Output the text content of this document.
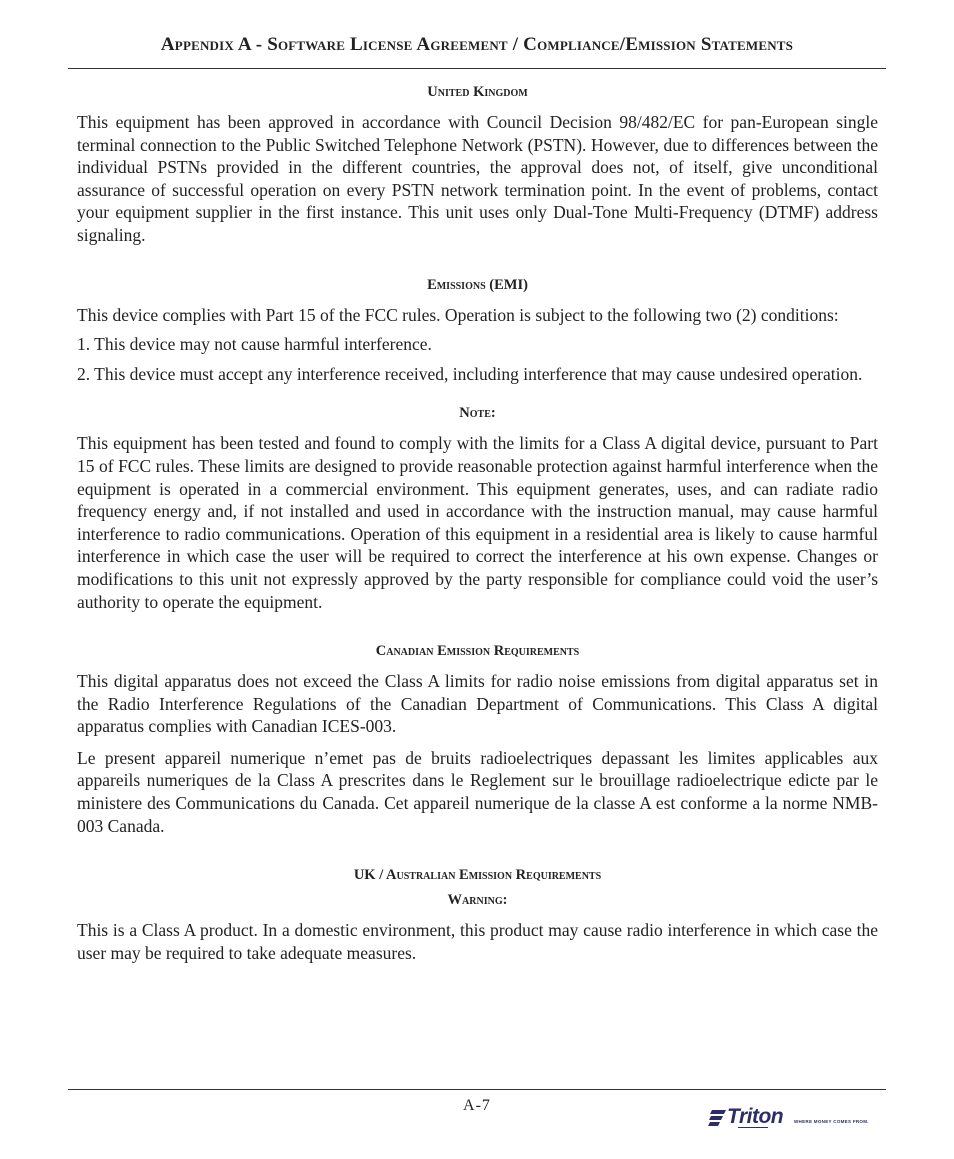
Appendix A - Software License Agreement / Compliance/Emission Statements

United Kingdom

This equipment has been approved in accordance with Council Decision 98/482/EC for pan-European single terminal connection to the Public Switched Telephone Network (PSTN). However, due to differences between the individual PSTNs provided in the different countries, the approval does not, of itself, give unconditional assurance of successful operation on every PSTN network termination point. In the event of problems, contact your equipment supplier in the first instance. This unit uses only Dual-Tone Multi-Frequency (DTMF) address signaling.

Emissions (EMI)

This device complies with Part 15 of the FCC rules. Operation is subject to the following two (2) conditions:

1. This device may not cause harmful interference.

2. This device must accept any interference received, including interference that may cause undesired operation.

Note:

This equipment has been tested and found to comply with the limits for a Class A digital device, pursuant to Part 15 of FCC rules. These limits are designed to provide reasonable protection against harmful interference when the equipment is operated in a commercial environment. This equipment generates, uses, and can radiate radio frequency energy and, if not installed and used in accordance with the instruction manual, may cause harmful interference to radio communications. Operation of this equipment in a residential area is likely to cause harmful interference in which case the user will be required to correct the interference at his own expense. Changes or modifications to this unit not expressly approved by the party responsible for compliance could void the user’s authority to operate the equipment.

Canadian Emission Requirements

This digital apparatus does not exceed the Class A limits for radio noise emissions from digital apparatus set in the Radio Interference Regulations of the Canadian Department of Communications. This Class A digital apparatus complies with Canadian ICES-003.

Le present appareil numerique n’emet pas de bruits radioelectriques depassant les limites applicables aux appareils numeriques de la Class A prescrites dans le Reglement sur le brouillage radioelectrique edicte par le ministere des Communications du Canada. Cet appareil numerique de la classe A est conforme a la norme NMB-003 Canada.

UK / Australian Emission Requirements

Warning:

This is a Class A product. In a domestic environment, this product may cause radio interference in which case the user may be required to take adequate measures.

A-7	Triton WHERE MONEY COMES FROM.
